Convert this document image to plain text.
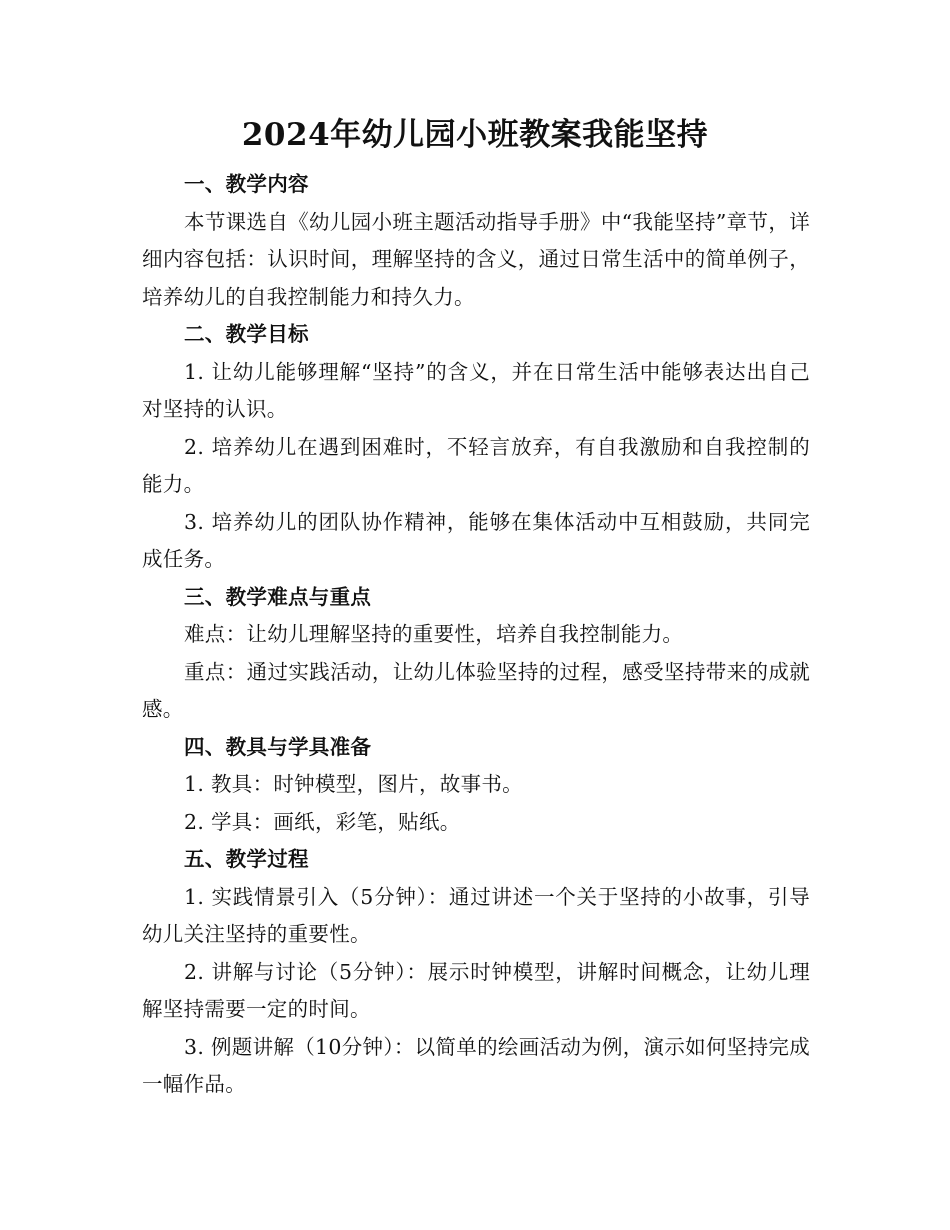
2024年幼儿园小班教案我能坚持

一、教学内容

本节课选自《幼儿园小班主题活动指导手册》中“我能坚持”章节，详细内容包括：认识时间，理解坚持的含义，通过日常生活中的简单例子，培养幼儿的自我控制能力和持久力。

二、教学目标

1. 让幼儿能够理解“坚持”的含义，并在日常生活中能够表达出自己对坚持的认识。

2. 培养幼儿在遇到困难时，不轻言放弃，有自我激励和自我控制的能力。

3. 培养幼儿的团队协作精神，能够在集体活动中互相鼓励，共同完成任务。

三、教学难点与重点

难点：让幼儿理解坚持的重要性，培养自我控制能力。

重点：通过实践活动，让幼儿体验坚持的过程，感受坚持带来的成就感。

四、教具与学具准备

1. 教具：时钟模型，图片，故事书。

2. 学具：画纸，彩笔，贴纸。

五、教学过程

1. 实践情景引入（5分钟）：通过讲述一个关于坚持的小故事，引导幼儿关注坚持的重要性。

2. 讲解与讨论（5分钟）：展示时钟模型，讲解时间概念，让幼儿理解坚持需要一定的时间。

3. 例题讲解（10分钟）：以简单的绘画活动为例，演示如何坚持完成一幅作品。
